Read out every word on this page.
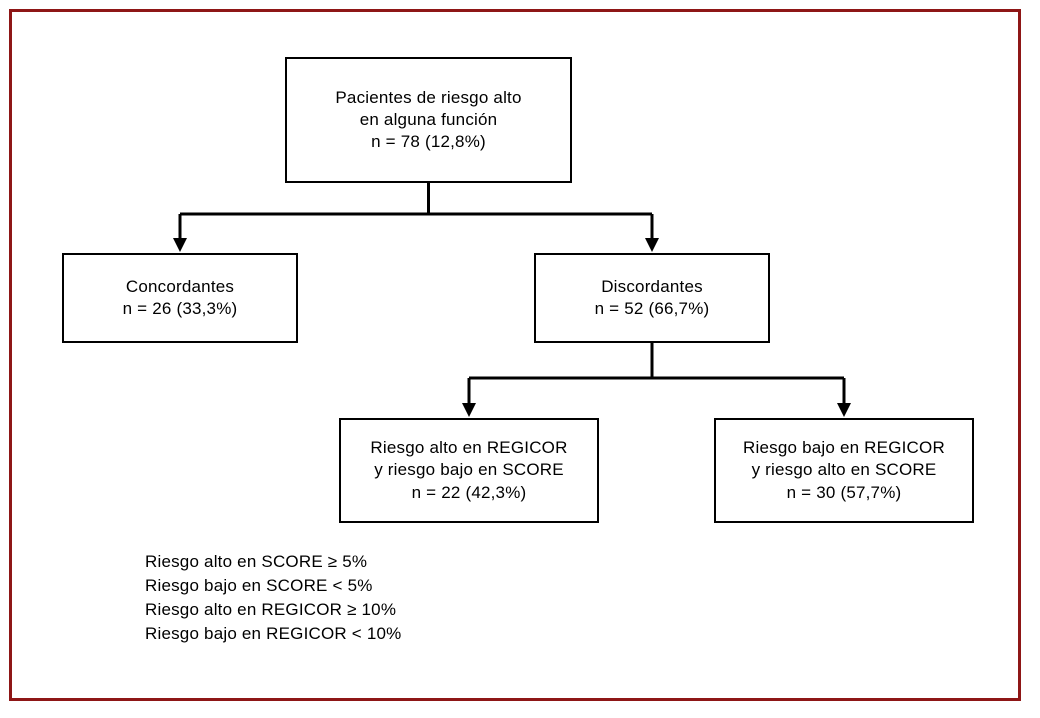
Pacientes de riesgo alto
en alguna función
n = 78 (12,8%)
Concordantes
n = 26 (33,3%)
Discordantes
n = 52 (66,7%)
Riesgo alto en REGICOR
y riesgo bajo en SCORE
n = 22 (42,3%)
Riesgo bajo en REGICOR
y riesgo alto en SCORE
n = 30 (57,7%)
Riesgo alto en SCORE ≥ 5%
Riesgo bajo en SCORE < 5%
Riesgo alto en REGICOR ≥ 10%
Riesgo bajo en REGICOR < 10%
